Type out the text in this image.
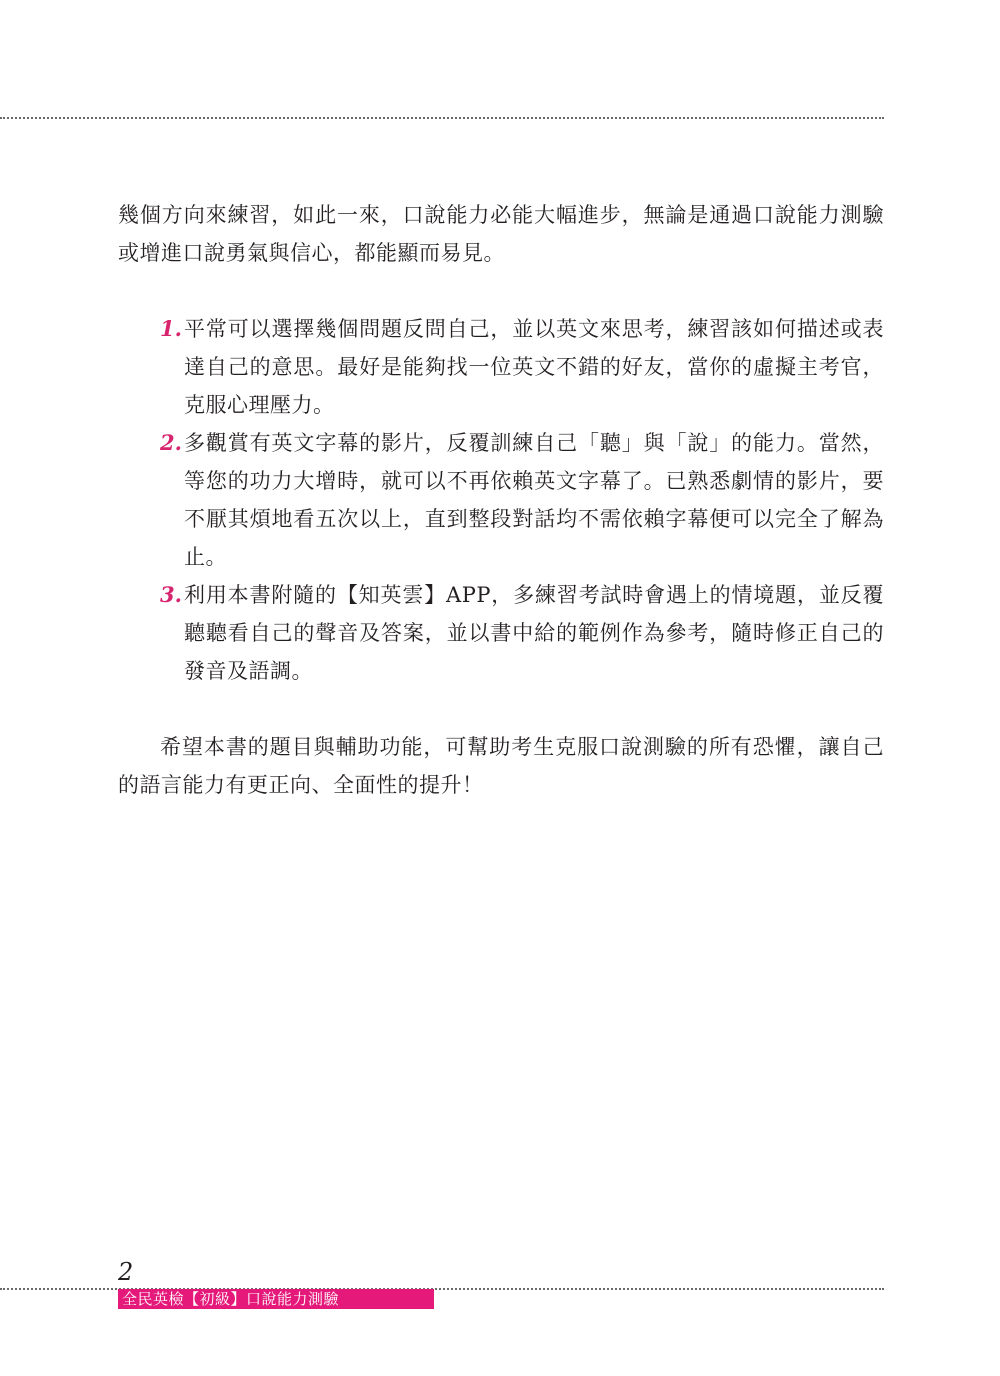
幾個方向來練習，如此一來，口說能力必能大幅進步，無論是通過口說能力測驗或增進口說勇氣與信心，都能顯而易見。

1. 平常可以選擇幾個問題反問自己，並以英文來思考，練習該如何描述或表達自己的意思。最好是能夠找一位英文不錯的好友，當你的虛擬主考官，克服心理壓力。

2. 多觀賞有英文字幕的影片，反覆訓練自己「聽」與「說」的能力。當然，等您的功力大增時，就可以不再依賴英文字幕了。已熟悉劇情的影片，要不厭其煩地看五次以上，直到整段對話均不需依賴字幕便可以完全了解為止。

3. 利用本書附隨的【知英雲】APP，多練習考試時會遇上的情境題，並反覆聽聽看自己的聲音及答案，並以書中給的範例作為參考，隨時修正自己的發音及語調。

希望本書的題目與輔助功能，可幫助考生克服口說測驗的所有恐懼，讓自己的語言能力有更正向、全面性的提升！

2
全民英檢【初級】口說能力測驗
